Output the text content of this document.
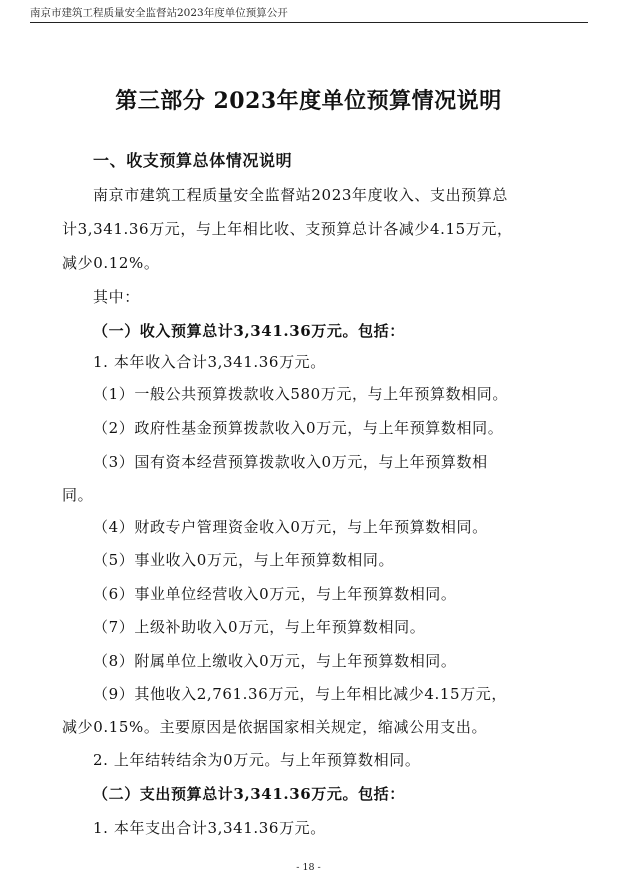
南京市建筑工程质量安全监督站2023年度单位预算公开
第三部分 2023年度单位预算情况说明
一、收支预算总体情况说明
南京市建筑工程质量安全监督站2023年度收入、支出预算总
计3,341.36万元，与上年相比收、支预算总计各减少4.15万元，
减少0.12%。
其中：
（一）收入预算总计3,341.36万元。包括：
1. 本年收入合计3,341.36万元。
（1）一般公共预算拨款收入580万元，与上年预算数相同。
（2）政府性基金预算拨款收入0万元，与上年预算数相同。
（3）国有资本经营预算拨款收入0万元，与上年预算数相
同。
（4）财政专户管理资金收入0万元，与上年预算数相同。
（5）事业收入0万元，与上年预算数相同。
（6）事业单位经营收入0万元，与上年预算数相同。
（7）上级补助收入0万元，与上年预算数相同。
（8）附属单位上缴收入0万元，与上年预算数相同。
（9）其他收入2,761.36万元，与上年相比减少4.15万元，
减少0.15%。主要原因是依据国家相关规定，缩减公用支出。
2. 上年结转结余为0万元。与上年预算数相同。
（二）支出预算总计3,341.36万元。包括：
1. 本年支出合计3,341.36万元。
- 18 -
